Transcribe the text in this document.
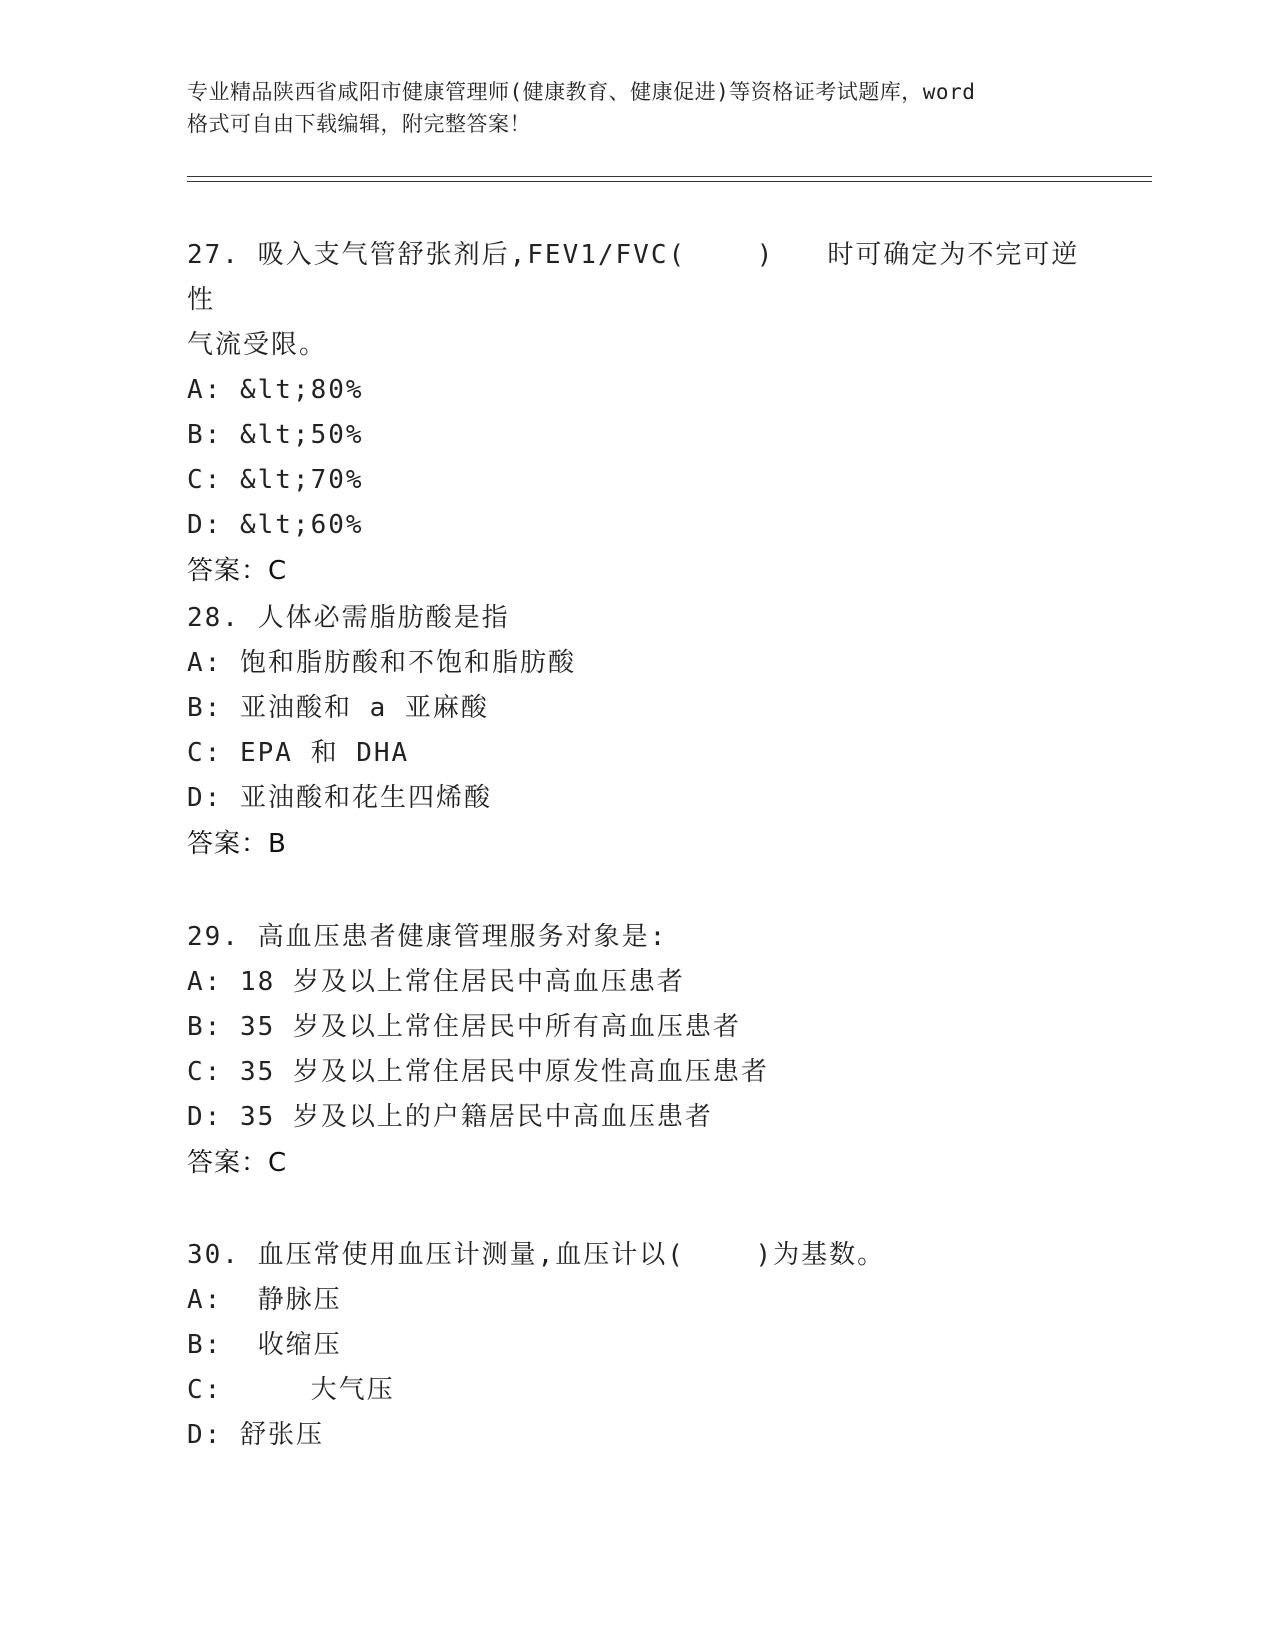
专业精品陕西省咸阳市健康管理师(健康教育、健康促进)等资格证考试题库，word
格式可自由下载编辑，附完整答案！
27. 吸入支气管舒张剂后,FEV1/FVC(    )   时可确定为不完可逆性
气流受限。
A: &lt;80%
B: &lt;50%
C: &lt;70%
D: &lt;60%
答案：C
28. 人体必需脂肪酸是指
A: 饱和脂肪酸和不饱和脂肪酸
B: 亚油酸和 a 亚麻酸
C: EPA 和 DHA
D: 亚油酸和花生四烯酸
答案：B
29. 高血压患者健康管理服务对象是:
A: 18 岁及以上常住居民中高血压患者
B: 35 岁及以上常住居民中所有高血压患者
C: 35 岁及以上常住居民中原发性高血压患者
D: 35 岁及以上的户籍居民中高血压患者
答案：C
30. 血压常使用血压计测量,血压计以(    )为基数。
A:  静脉压
B:  收缩压
C:     大气压
D: 舒张压
